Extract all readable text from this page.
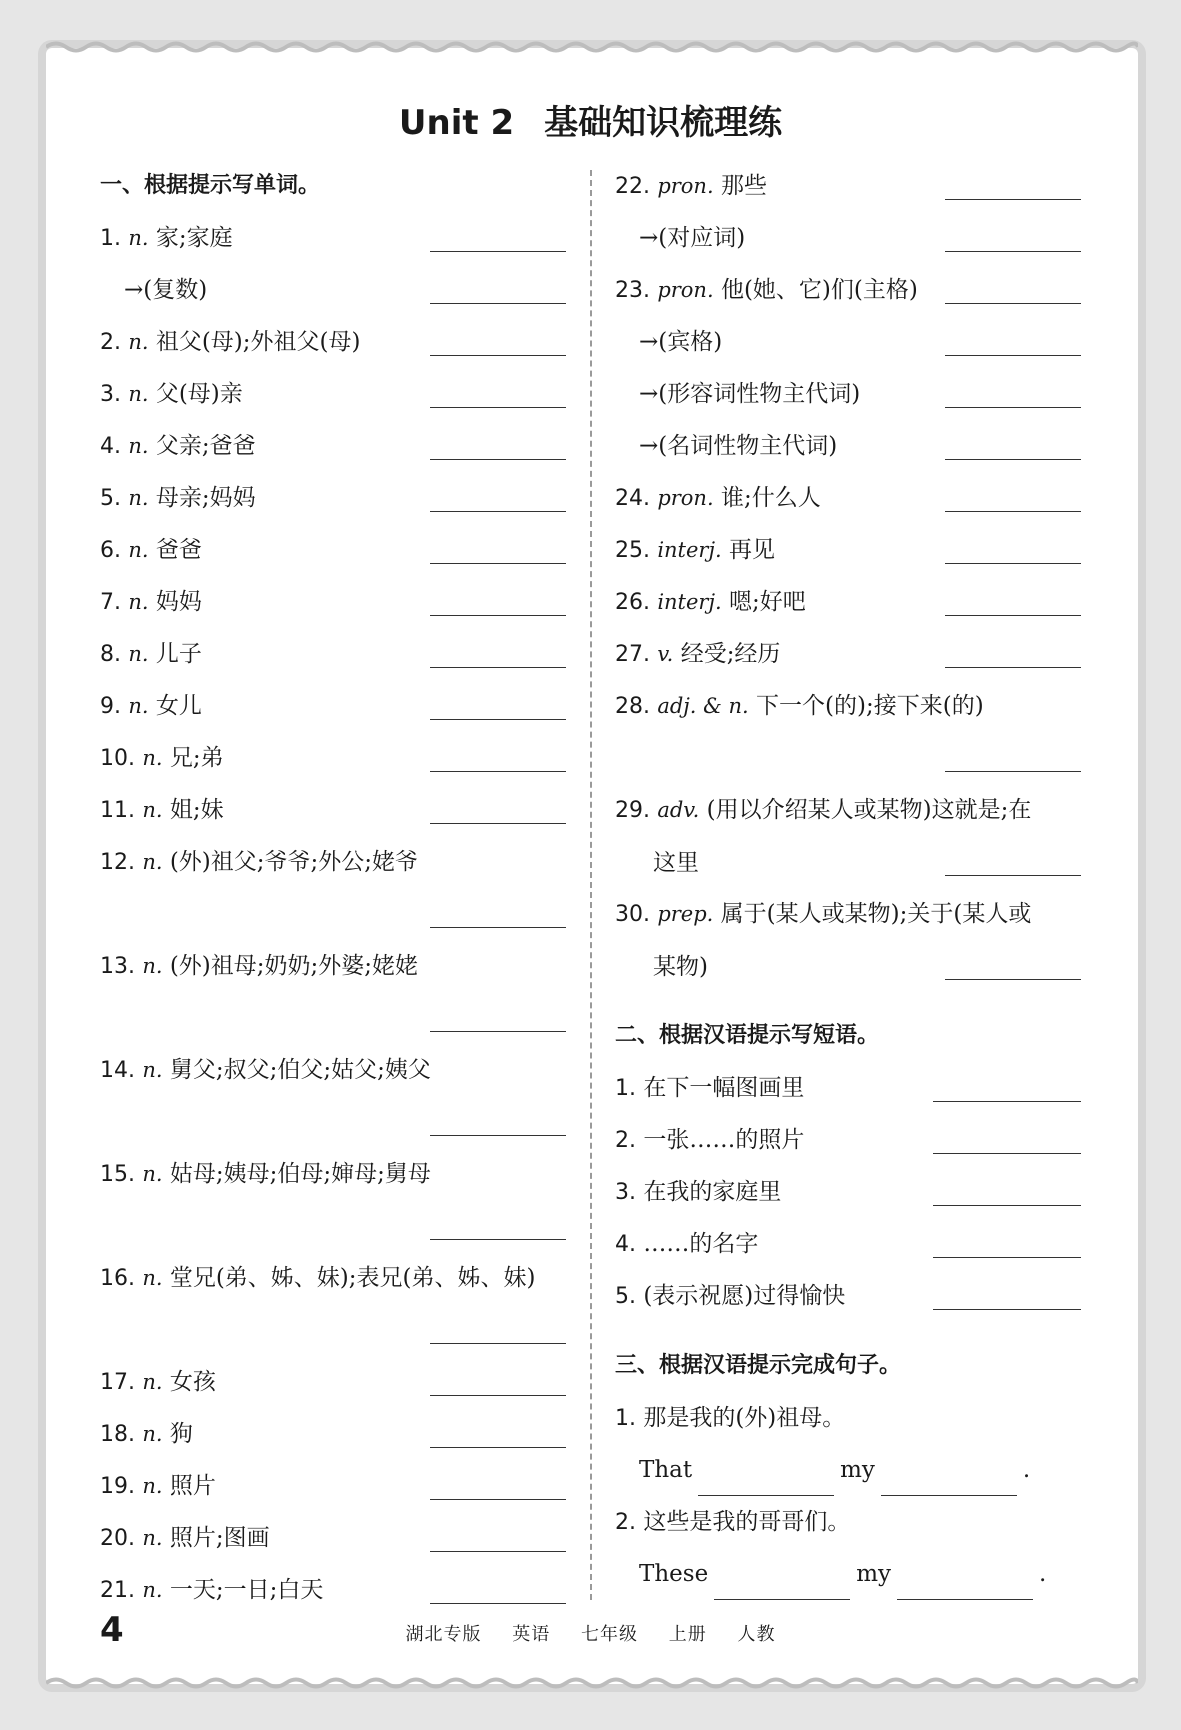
Unit 2 基础知识梳理练
一、根据提示写单词。
1. n. 家;家庭
→(复数)
2. n. 祖父(母);外祖父(母)
3. n. 父(母)亲
4. n. 父亲;爸爸
5. n. 母亲;妈妈
6. n. 爸爸
7. n. 妈妈
8. n. 儿子
9. n. 女儿
10. n. 兄;弟
11. n. 姐;妹
12. n. (外)祖父;爷爷;外公;姥爷
13. n. (外)祖母;奶奶;外婆;姥姥
14. n. 舅父;叔父;伯父;姑父;姨父
15. n. 姑母;姨母;伯母;婶母;舅母
16. n. 堂兄(弟、姊、妹);表兄(弟、姊、妹)
17. n. 女孩
18. n. 狗
19. n. 照片
20. n. 照片;图画
21. n. 一天;一日;白天
22. pron. 那些
→(对应词)
23. pron. 他(她、它)们(主格)
→(宾格)
→(形容词性物主代词)
→(名词性物主代词)
24. pron. 谁;什么人
25. interj. 再见
26. interj. 嗯;好吧
27. v. 经受;经历
28. adj. & n. 下一个(的);接下来(的)
29. adv. (用以介绍某人或某物)这就是;在
这里
30. prep. 属于(某人或某物);关于(某人或
某物)
二、根据汉语提示写短语。
1. 在下一幅图画里
2. 一张……的照片
3. 在我的家庭里
4. ……的名字
5. (表示祝愿)过得愉快
三、根据汉语提示完成句子。
1. 那是我的(外)祖母。
That	my	.
2. 这些是我的哥哥们。
These	my	.
4	湖北专版 英语 七年级 上册 人教
